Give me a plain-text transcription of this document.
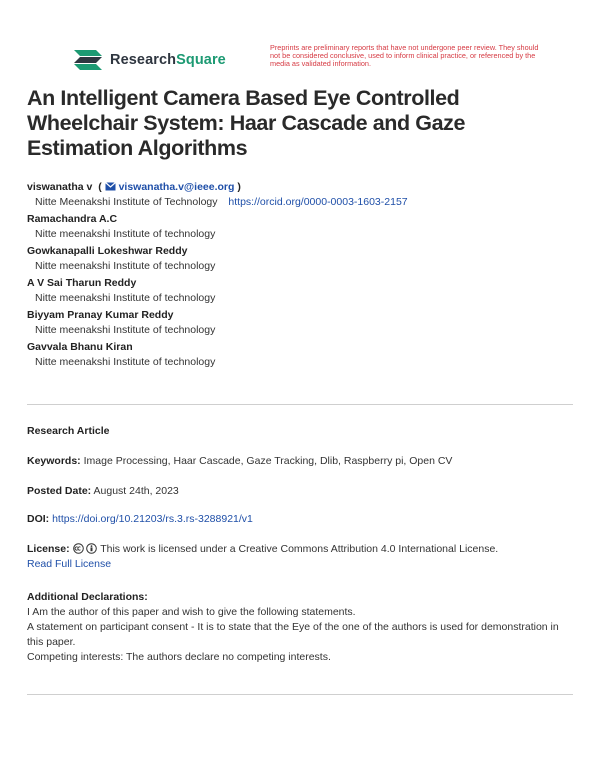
ResearchSquare
Preprints are preliminary reports that have not undergone peer review. They should not be considered conclusive, used to inform clinical practice, or referenced by the media as validated information.
An Intelligent Camera Based Eye Controlled Wheelchair System: Haar Cascade and Gaze Estimation Algorithms
viswanatha v  ( viswanatha.v@ieee.org )
Nitte Meenakshi Institute of Technology https://orcid.org/0000-0003-1603-2157
Ramachandra A.C
Nitte meenakshi Institute of technology
Gowkanapalli Lokeshwar Reddy
Nitte meenakshi Institute of technology
A V Sai Tharun Reddy
Nitte meenakshi Institute of technology
Biyyam Pranay Kumar Reddy
Nitte meenakshi Institute of technology
Gavvala Bhanu Kiran
Nitte meenakshi Institute of technology
Research Article
Keywords: Image Processing, Haar Cascade, Gaze Tracking, Dlib, Raspberry pi, Open CV
Posted Date: August 24th, 2023
DOI: https://doi.org/10.21203/rs.3.rs-3288921/v1
License:	This work is licensed under a Creative Commons Attribution 4.0 International License.
Read Full License
Additional Declarations:
I Am the author of this paper and wish to give the following statements.
A statement on participant consent - It is to state that the Eye of the one of the authors is used for demonstration in this paper.
Competing interests: The authors declare no competing interests.
